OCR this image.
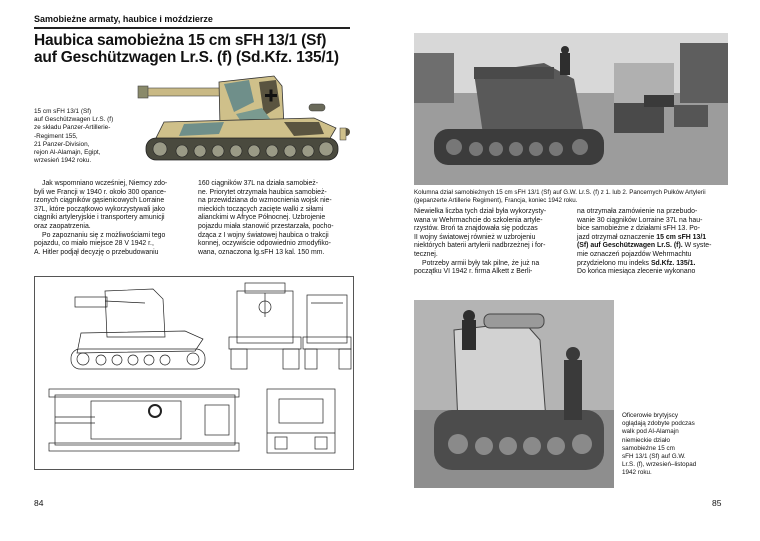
Samobieżne armaty, haubice i moździerze
Haubica samobieżna 15 cm sFH 13/1 (Sf)
auf Geschützwagen Lr.S. (f) (Sd.Kfz. 135/1)
15 cm sFH 13/1 (Sf)
auf Geschützwagen Lr.S. (f)
ze składu Panzer-Artillerie-
-Regiment 155,
21 Panzer-Division,
rejon Al-Alamajn, Egipt,
wrzesień 1942 roku.
Jak wspomniano wcześniej, Niemcy zdo-
byli we Francji w 1940 r. około 300 opance-
rzonych ciągników gąsienicowych Lorraine
37L, które początkowo wykorzystywali jako
ciągniki artyleryjskie i transportery amunicji
oraz zaopatrzenia.
Po zapoznaniu się z możliwościami tego
pojazdu, co miało miejsce 28 V 1942 r.,
A. Hitler podjął decyzję o przebudowaniu
160 ciągników 37L na działa samobież-
ne. Priorytet otrzymała haubica samobież-
na przewidziana do wzmocnienia wojsk nie-
mieckich toczących zacięte walki z siłami
alianckimi w Afryce Północnej. Uzbrojenie
pojazdu miała stanowić przestarzała, pocho-
dząca z I wojny światowej haubica o trakcji
konnej, oczywiście odpowiednio zmodyfiko-
wana, oznaczona lg.sFH 13 kal. 150 mm.
84
Kolumna dział samobieżnych 15 cm sFH 13/1 (Sf) auf G.W. Lr.S. (f) z 1. lub 2. Pancernych Pułków Artylerii
(gepanzerte Artillerie Regiment), Francja, koniec 1942 roku.
Niewielka liczba tych dział była wykorzysty-
wana w Wehrmachcie do szkolenia artyle-
rzystów. Broń ta znajdowała się podczas
II wojny światowej również w uzbrojeniu
niektórych baterii artylerii nadbrzeżnej i for-
tecznej.
Potrzeby armii były tak pilne, że już na
początku VI 1942 r. firma Alkett z Berli-
na otrzymała zamówienie na przebudo-
wanie 30 ciągników Lorraine 37L na hau-
bice samobieżne z działami sFH 13. Po-
jazd otrzymał oznaczenie 15 cm sFH 13/1
(Sf) auf Geschützwagen Lr.S. (f). W syste-
mie oznaczeń pojazdów Wehrmachtu
przydzielono mu indeks Sd.Kfz. 135/1.
Do końca miesiąca zlecenie wykonano
Oficerowie brytyjscy
oglądają zdobyte podczas
walk pod Al-Alamajn
niemieckie działo
samobieżne 15 cm
sFH 13/1 (Sf) auf G.W.
Lr.S. (f), wrzesień–listopad
1942 roku.
85
